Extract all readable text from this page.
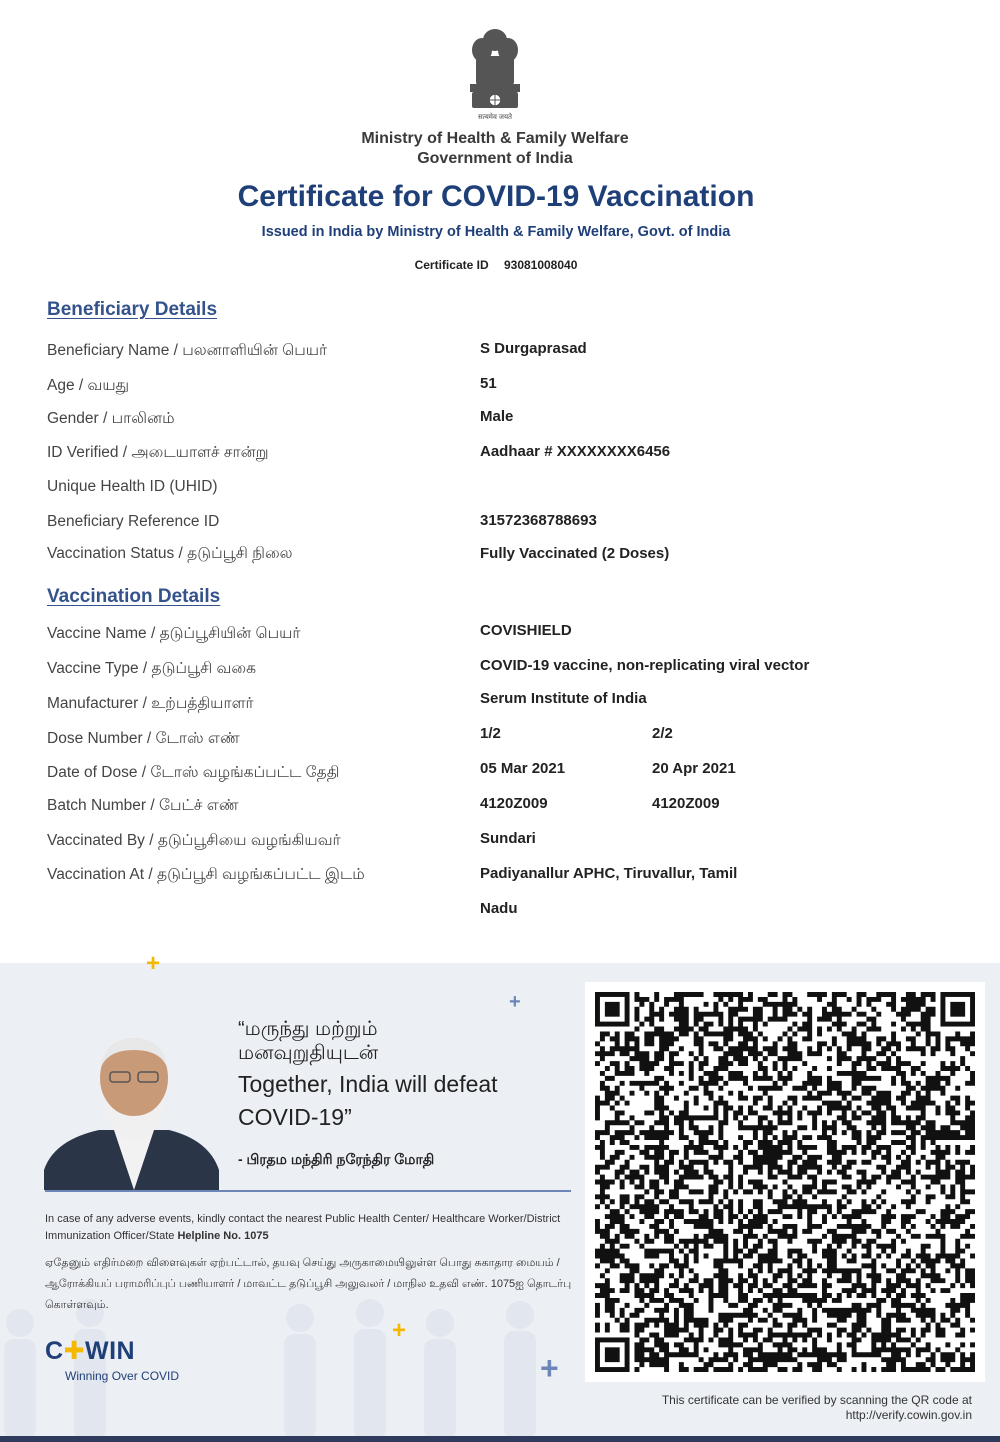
सत्यमेव जयते
Ministry of Health & Family Welfare
Government of India
Certificate for COVID-19 Vaccination
Issued in India by Ministry of Health & Family Welfare, Govt. of India
Certificate ID 93081008040
Beneficiary Details
Beneficiary Name / பலனாளியின் பெயர்	S Durgaprasad
Age / வயது	51
Gender / பாலினம்	Male
ID Verified / அடையாளச் சான்று	Aadhaar # XXXXXXXX6456
Unique Health ID (UHID)
Beneficiary Reference ID	31572368788693
Vaccination Status / தடுப்பூசி நிலை	Fully Vaccinated (2 Doses)
Vaccination Details
Vaccine Name / தடுப்பூசியின் பெயர்	COVISHIELD
Vaccine Type / தடுப்பூசி வகை	COVID-19 vaccine, non-replicating viral vector
Manufacturer / உற்பத்தியாளர்	Serum Institute of India
Dose Number / டோஸ் எண்	1/2	2/2
Date of Dose / டோஸ் வழங்கப்பட்ட தேதி	05 Mar 2021	20 Apr 2021
Batch Number / பேட்ச் எண்	4120Z009	4120Z009
Vaccinated By / தடுப்பூசியை வழங்கியவர்	Sundari
Vaccination At / தடுப்பூசி வழங்கப்பட்ட இடம்	Padiyanallur APHC, Tiruvallur, Tamil
Nadu
+
+
+
+
“மருந்து மற்றும் மனவுறுதியுடன்
Together, India will defeat COVID-19”
- பிரதம மந்திரி நரேந்திர மோதி
In case of any adverse events, kindly contact the nearest Public Health Center/ Healthcare Worker/District Immunization Officer/State Helpline No. 1075
ஏதேனும் எதிர்மறை விளைவுகள் ஏற்பட்டால், தயவு செய்து அருகாமையிலுள்ள பொது சுகாதார மையம் / ஆரோக்கியப் பராமரிப்புப் பணியாளர் / மாவட்ட தடுப்பூசி அலுவலர் / மாநில உதவி எண். 1075ஐ தொடர்பு கொள்ளவும்.
C✚WIN
Winning Over COVID
This certificate can be verified by scanning the QR code at
http://verify.cowin.gov.in
